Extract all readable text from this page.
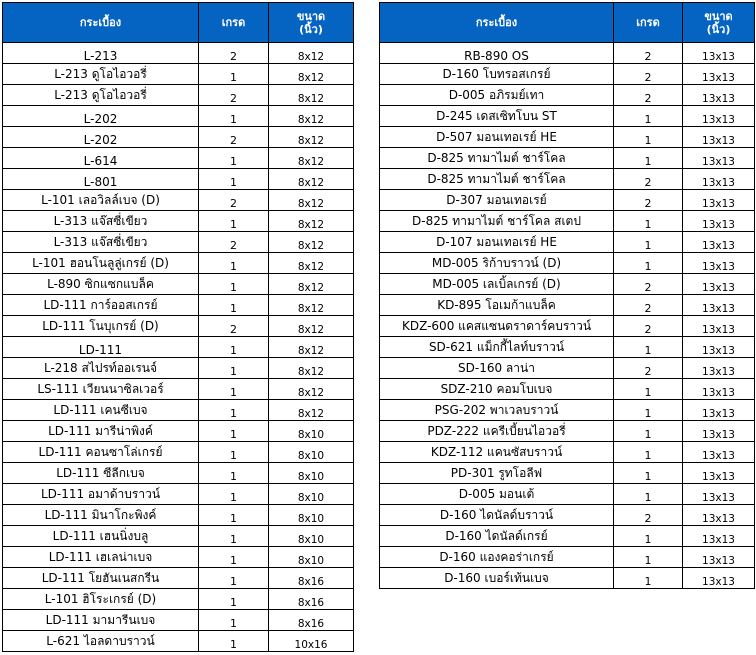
กระเบื้อง	เกรด	ขนาด
(นิ้ว)
L-213	2	8x12
L-213 ดูโอไอวอรี่	1	8x12
L-213 ดูโอไอวอรี่	2	8x12
L-202	1	8x12
L-202	2	8x12
L-614	1	8x12
L-801	1	8x12
L-101 เลอวิลล์เบจ (D)	2	8x12
L-313 แจ๊สซี่เขียว	1	8x12
L-313 แจ๊สซี่เขียว	2	8x12
L-101 ฮอนโนลูลู่เกรย์ (D)	1	8x12
L-890 ซิกแซกแบล็ค	1	8x12
LD-111 การ์ออสเกรย์	1	8x12
LD-111 โนบุเกรย์ (D)	2	8x12
LD-111	1	8x12
L-218 สไปรท์ออเรนจ์	1	8x12
LS-111 เวียนนาซิลเวอร์	1	8x12
LD-111 เคนซีเบจ	1	8x12
LD-111 มารีน่าพิงค์	1	8x10
LD-111 คอนซาโล่เกรย์	1	8x10
LD-111 ซีลีกเบจ	1	8x10
LD-111 อมาด้าบราวน์	1	8x10
LD-111 มินาโกะพิงค์	1	8x10
LD-111 เฮนนิ่งบลู	1	8x10
LD-111 เฮเลน่าเบจ	1	8x10
LD-111 โยฮันเนสกรีน	1	8x16
L-101 ฮิโระเกรย์ (D)	1	8x16
LD-111 มามารีนเบจ	1	8x16
L-621 ไอลดาบราวน์	1	10x16
กระเบื้อง	เกรด	ขนาด
(นิ้ว)
RB-890 OS	2	13x13
D-160 โบทรอสเกรย์	2	13x13
D-005 อภิรมย์เทา	2	13x13
D-245 เดสเซิทโบน ST	1	13x13
D-507 มอนเทอเรย์ HE	1	13x13
D-825 ทามาไมต์ ชาร์โคล	1	13x13
D-825 ทามาไมต์ ชาร์โคล	2	13x13
D-307 มอนเทอเรย์	2	13x13
D-825 ทามาไมต์ ชาร์โคล สเตป	1	13x13
D-107 มอนเทอเรย์ HE	1	13x13
MD-005 ริก้าบราวน์ (D)	1	13x13
MD-005 เลเบิ้ลเกรย์ (D)	2	13x13
KD-895 โอเมก้าแบล็ค	2	13x13
KDZ-600 แคสแซนดราดาร์คบราวน์	2	13x13
SD-621 แม็กกี้ไลท์บราวน์	1	13x13
SD-160 ลาน่า	2	13x13
SDZ-210 คอมโบเบจ	1	13x13
PSG-202 พาเวลบราวน์	1	13x13
PDZ-222 แครีเบี้ยนไอวอรี่	1	13x13
KDZ-112 แคนซัสบราวน์	1	13x13
PD-301 รูทโอลีฟ	1	13x13
D-005 มอนเต้	1	13x13
D-160 ไดนัลด์บราวน์	2	13x13
D-160 ไดนัลด์เกรย์	1	13x13
D-160 แองคอร่าเกรย์	1	13x13
D-160 เบอร์เท้นเบจ	1	13x13
